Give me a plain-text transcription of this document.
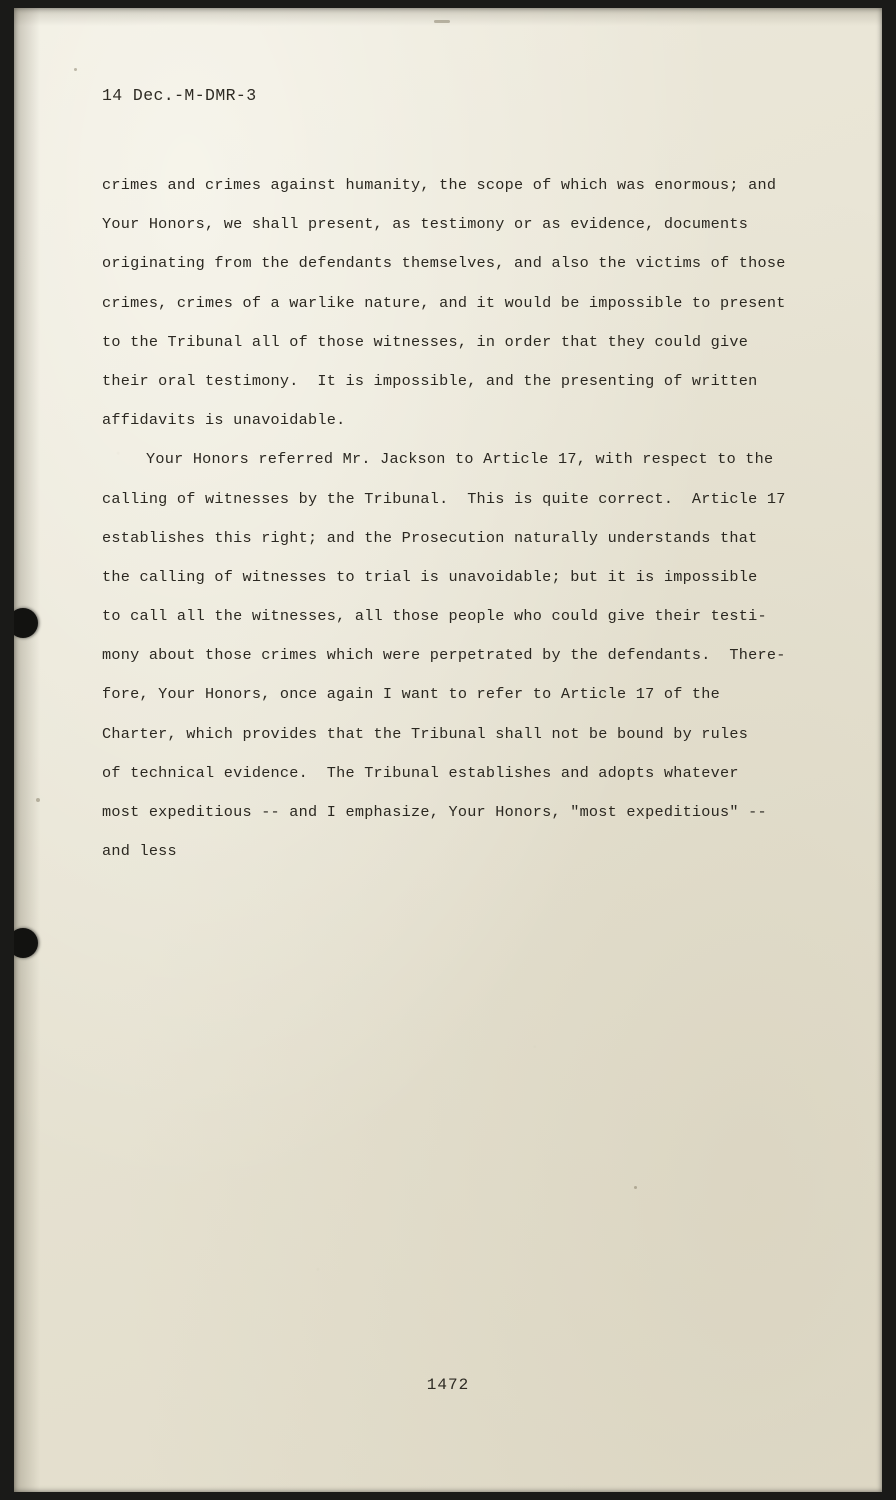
14 Dec.-M-DMR-3
crimes and crimes against humanity, the scope of which was enormous; and
Your Honors, we shall present, as testimony or as evidence, documents
originating from the defendants themselves, and also the victims of those
crimes, crimes of a warlike nature, and it would be impossible to present
to the Tribunal all of those witnesses, in order that they could give
their oral testimony.  It is impossible, and the presenting of written
affidavits is unavoidable.
Your Honors referred Mr. Jackson to Article 17, with respect to the
calling of witnesses by the Tribunal.  This is quite correct.  Article 17
establishes this right; and the Prosecution naturally understands that
the calling of witnesses to trial is unavoidable; but it is impossible
to call all the witnesses, all those people who could give their testi-
mony about those crimes which were perpetrated by the defendants.  There-
fore, Your Honors, once again I want to refer to Article 17 of the
Charter, which provides that the Tribunal shall not be bound by rules
of technical evidence.  The Tribunal establishes and adopts whatever
most expeditious -- and I emphasize, Your Honors, "most expeditious" --
and less
1472
